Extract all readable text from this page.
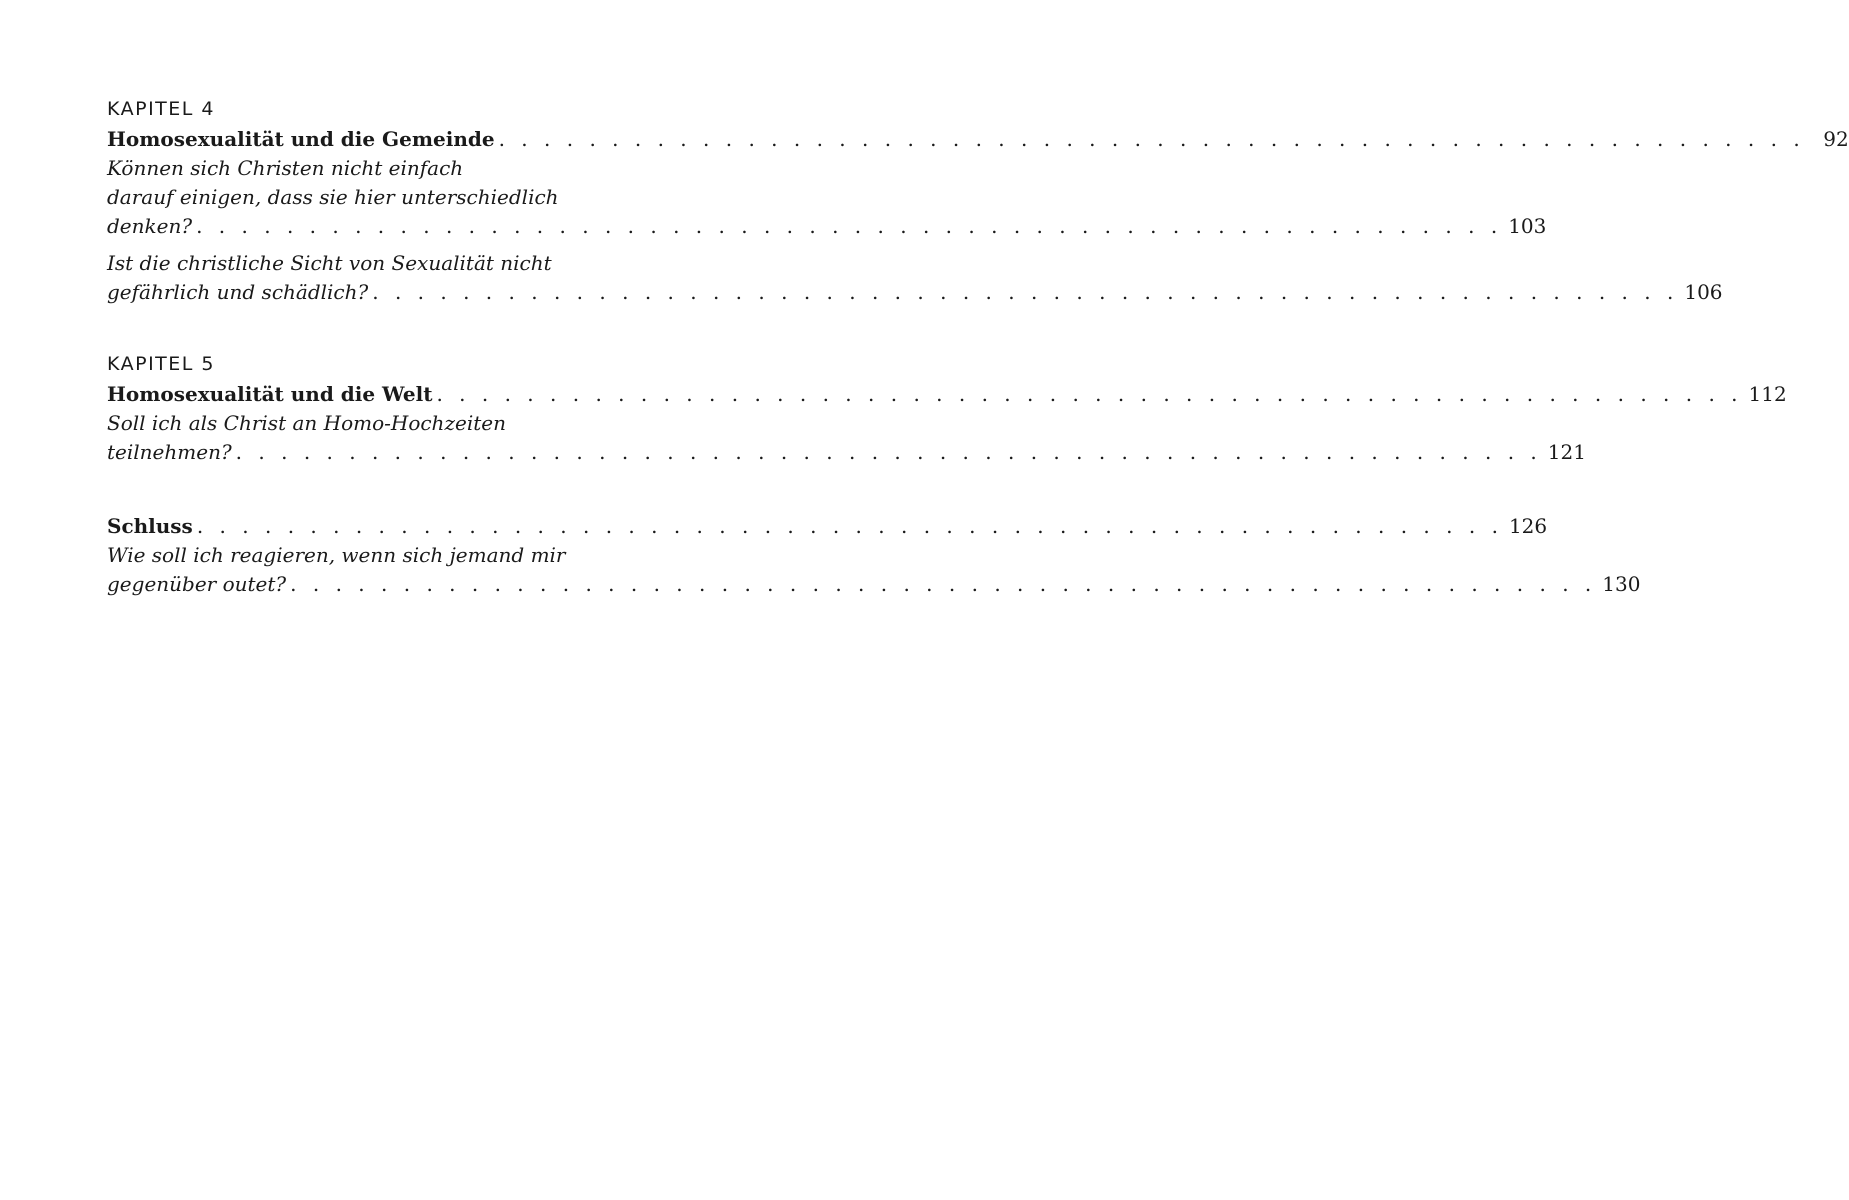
KAPITEL 4
Homosexualität und die Gemeinde . . . . . . . . . . . . . . . . . . . . . . . . . . . . . . . . . . . . . . . . . . . . . . . . . . . . . . . . . . 92
Können sich Christen nicht einfach
darauf einigen, dass sie hier unterschiedlich
denken? . . . . . . . . . . . . . . . . . . . . . . . . . . . . . . . . . . . . . . . . . . . . . . . . . . . . . . . . . . 103
Ist die christliche Sicht von Sexualität nicht
gefährlich und schädlich? . . . . . . . . . . . . . . . . . . . . . . . . . . . . . . . . . . . . . . . . . . . . . . . . . . . . . . . . . . 106
KAPITEL 5
Homosexualität und die Welt . . . . . . . . . . . . . . . . . . . . . . . . . . . . . . . . . . . . . . . . . . . . . . . . . . . . . . . . . . 112
Soll ich als Christ an Homo-Hochzeiten
teilnehmen? . . . . . . . . . . . . . . . . . . . . . . . . . . . . . . . . . . . . . . . . . . . . . . . . . . . . . . . . . . 121
Schluss . . . . . . . . . . . . . . . . . . . . . . . . . . . . . . . . . . . . . . . . . . . . . . . . . . . . . . . . . . 126
Wie soll ich reagieren, wenn sich jemand mir
gegenüber outet? . . . . . . . . . . . . . . . . . . . . . . . . . . . . . . . . . . . . . . . . . . . . . . . . . . . . . . . . . . 130
